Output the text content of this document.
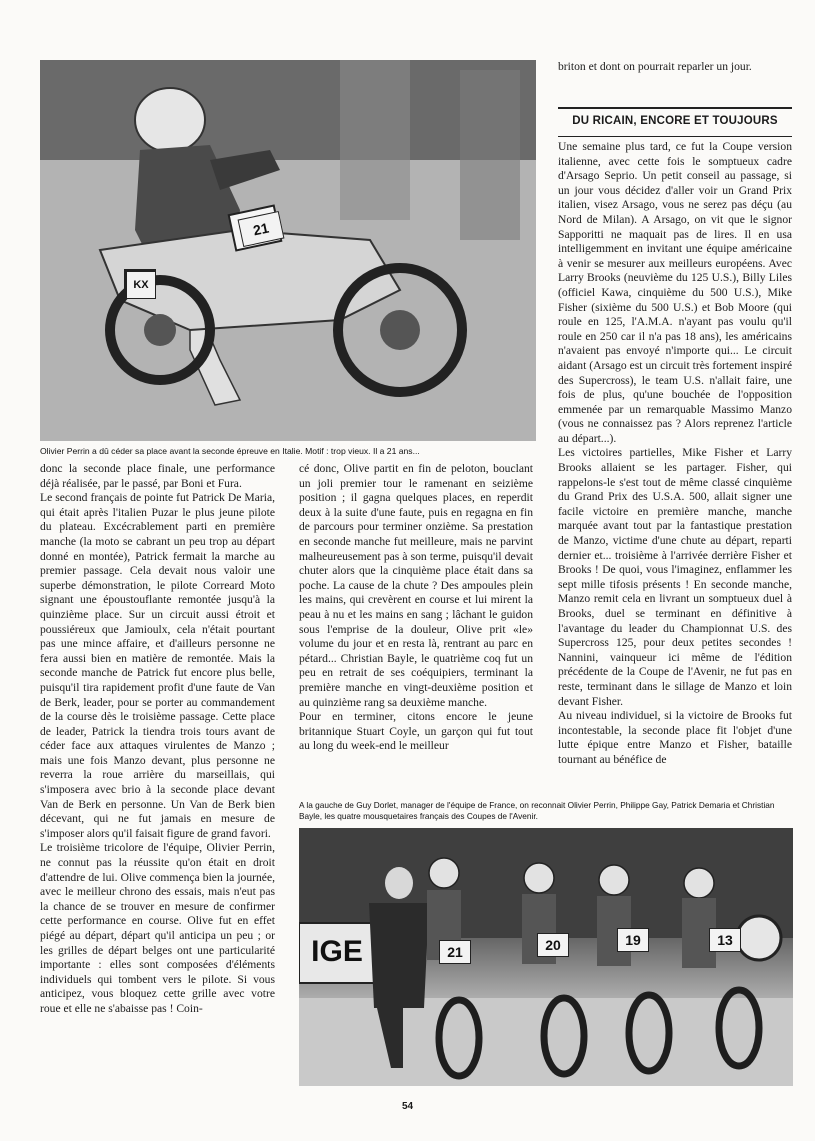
21
KX
Olivier Perrin a dû céder sa place avant la seconde épreuve en Italie. Motif : trop vieux. Il a 21 ans...

donc la seconde place finale, une performance déjà réalisée, par le passé, par Boni et Fura.

Le second français de pointe fut Patrick De Maria, qui était après l'italien Puzar le plus jeune pilote du plateau. Excécrablement parti en première manche (la moto se cabrant un peu trop au départ donné en montée), Patrick fermait la marche au premier passage. Cela devait nous valoir une superbe démonstration, le pilote Correard Moto signant une époustouflante remontée jusqu'à la quinzième place. Sur un circuit aussi étroit et poussiéreux que Jamioulx, cela n'était pourtant pas une mince affaire, et d'ailleurs personne ne fera aussi bien en matière de remontée. Mais la seconde manche de Patrick fut encore plus belle, puisqu'il tira rapidement profit d'une faute de Van de Berk, leader, pour se porter au commandement de la course dès le troisième passage. Cette place de leader, Patrick la tiendra trois tours avant de céder face aux attaques virulentes de Manzo ; mais une fois Manzo devant, plus personne ne reverra la roue arrière du marseillais, qui s'imposera avec brio à la seconde place devant Van de Berk en personne. Un Van de Berk bien décevant, qui ne fut jamais en mesure de s'imposer alors qu'il faisait figure de grand favori.

Le troisième tricolore de l'équipe, Olivier Perrin, ne connut pas la réussite qu'on était en droit d'attendre de lui. Olive commença bien la journée, avec le meilleur chrono des essais, mais n'eut pas la chance de se trouver en mesure de confirmer cette performance en course. Olive fut en effet piégé au départ, départ qu'il anticipa un peu ; or les grilles de départ belges ont une particularité importante : elles sont composées d'éléments individuels qui tombent vers le pilote. Si vous anticipez, vous bloquez cette grille avec votre roue et elle ne s'abaisse pas ! Coin-

cé donc, Olive partit en fin de peloton, bouclant un joli premier tour le ramenant en seizième position ; il gagna quelques places, en reperdit deux à la suite d'une faute, puis en regagna en fin de parcours pour terminer onzième. Sa prestation en seconde manche fut meilleure, mais ne parvint malheureusement pas à son terme, puisqu'il devait chuter alors que la cinquième place était dans sa poche. La cause de la chute ? Des ampoules plein les mains, qui crevèrent en course et lui mirent la peau à nu et les mains en sang ; lâchant le guidon sous l'emprise de la douleur, Olive prit «le» volume du jour et en resta là, rentrant au parc en pétard... Christian Bayle, le quatrième coq fut un peu en retrait de ses coéquipiers, terminant la première manche en vingt-deuxième position et au quinzième rang sa deuxième manche.

Pour en terminer, citons encore le jeune britannique Stuart Coyle, un garçon qui fut tout au long du week-end le meilleur

briton et dont on pourrait reparler un jour.

DU RICAIN, ENCORE ET TOUJOURS

Une semaine plus tard, ce fut la Coupe version italienne, avec cette fois le somptueux cadre d'Arsago Seprio. Un petit conseil au passage, si un jour vous décidez d'aller voir un Grand Prix italien, visez Arsago, vous ne serez pas déçu (au Nord de Milan). A Arsago, on vit que le signor Sapporitti ne maquait pas de lires. Il en usa intelligemment en invitant une équipe américaine à venir se mesurer aux meilleurs européens. Avec Larry Brooks (neuvième du 125 U.S.), Billy Liles (officiel Kawa, cinquième du 500 U.S.), Mike Fisher (sixième du 500 U.S.) et Bob Moore (qui roule en 125, l'A.M.A. n'ayant pas voulu qu'il roule en 250 car il n'a pas 18 ans), les américains n'avaient pas envoyé n'importe qui... Le circuit aidant (Arsago est un circuit très fortement inspiré des Supercross), le team U.S. n'allait faire, une fois de plus, qu'une bouchée de l'opposition emmenée par un remarquable Massimo Manzo (vous ne connaissez pas ? Alors reprenez l'article au départ...).

Les victoires partielles, Mike Fisher et Larry Brooks allaient se les partager. Fisher, qui rappelons-le s'est tout de même classé cinquième du Grand Prix des U.S.A. 500, allait signer une facile victoire en première manche, manche marquée avant tout par la fantastique prestation de Manzo, victime d'une chute au départ, reparti dernier et... troisième à l'arrivée derrière Fisher et Brooks ! De quoi, vous l'imaginez, enflammer les sept mille tifosis présents ! En seconde manche, Manzo remit cela en livrant un somptueux duel à Brooks, duel se terminant en définitive à l'avantage du leader du Championnat U.S. des Supercross 125, pour deux petites secondes ! Nannini, vainqueur ici même de l'édition précédente de la Coupe de l'Avenir, ne fut pas en reste, terminant dans le sillage de Manzo et loin devant Fisher.

Au niveau individuel, si la victoire de Brooks fut incontestable, la seconde place fit l'objet d'une lutte épique entre Manzo et Fisher, bataille tournant au bénéfice de

A la gauche de Guy Dorlet, manager de l'équipe de France, on reconnait Olivier Perrin, Philippe Gay, Patrick Demaria et Christian Bayle, les quatre mousquetaires français des Coupes de l'Avenir.
IGE	21	20	19	13
54
